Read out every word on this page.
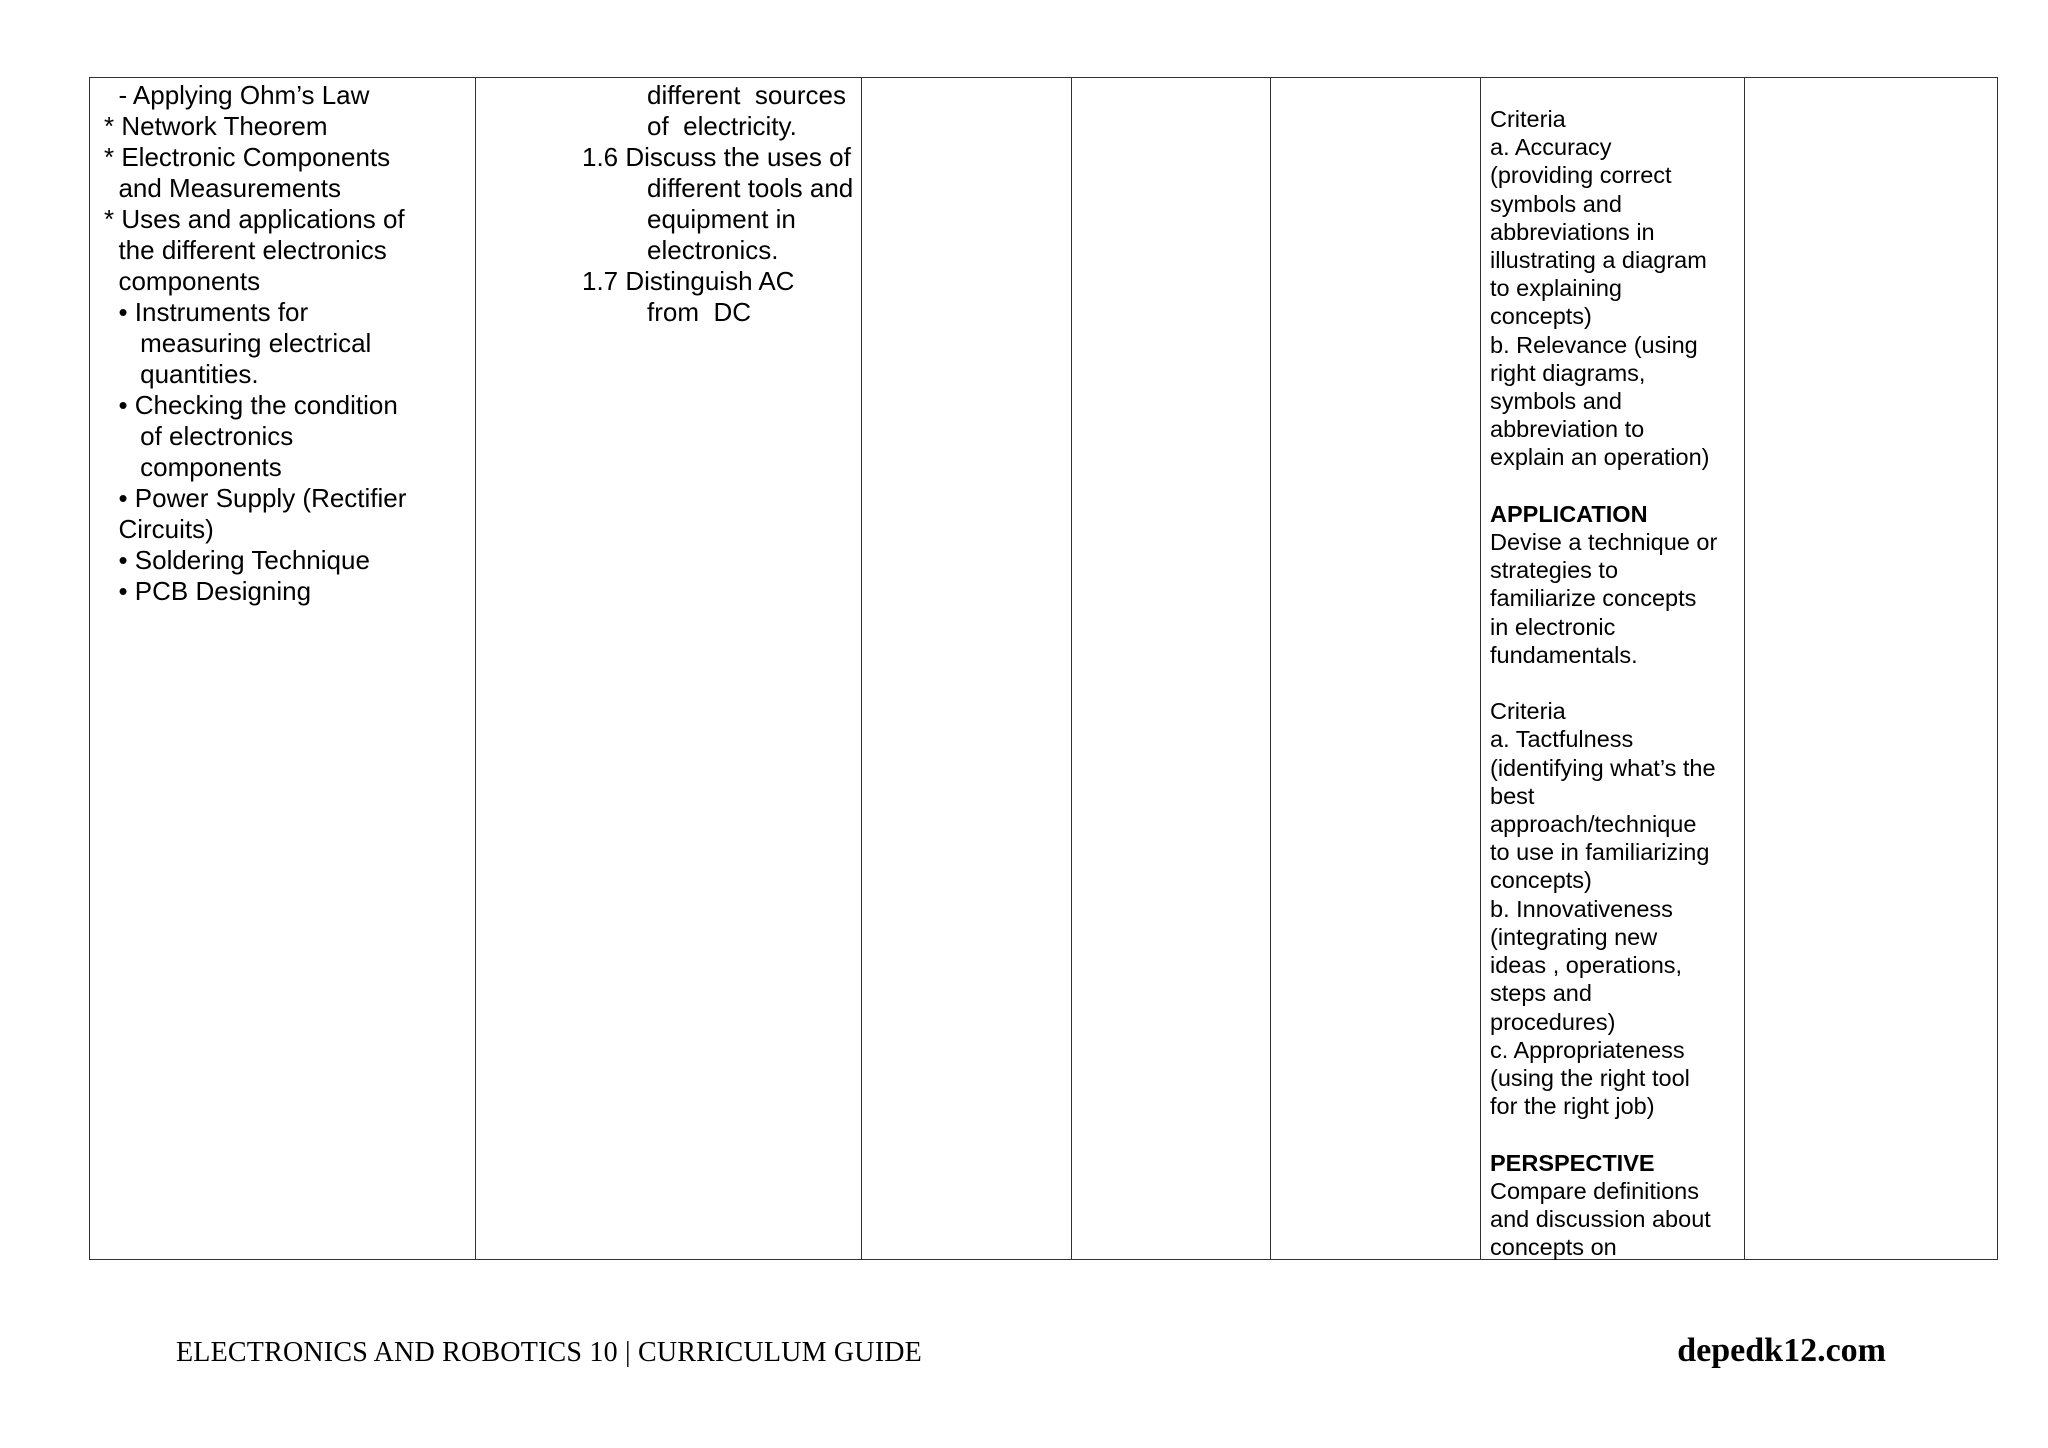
- Applying Ohm’s Law
* Network Theorem
* Electronic Components
and Measurements
* Uses and applications of
the different electronics
components
• Instruments for
measuring electrical
quantities.
• Checking the condition
of electronics
components
• Power Supply (Rectifier
Circuits)
• Soldering Technique
• PCB Designing
different  sources
of  electricity.
1.6 Discuss the uses of
different tools and
equipment in
electronics.
1.7 Distinguish AC
from  DC
Criteria
a. Accuracy
(providing correct
symbols and
abbreviations in
illustrating a diagram
to explaining
concepts)
b. Relevance (using
right diagrams,
symbols and
abbreviation to
explain an operation)

APPLICATION
Devise a technique or
strategies to
familiarize concepts
in electronic
fundamentals.

Criteria
a. Tactfulness
(identifying what’s the
best
approach/technique
to use in familiarizing
concepts)
b. Innovativeness
(integrating new
ideas , operations,
steps and
procedures)
c. Appropriateness
(using the right tool
for the right job)

PERSPECTIVE
Compare definitions
and discussion about
concepts on
ELECTRONICS AND ROBOTICS 10 | CURRICULUM GUIDE	depedk12.com
